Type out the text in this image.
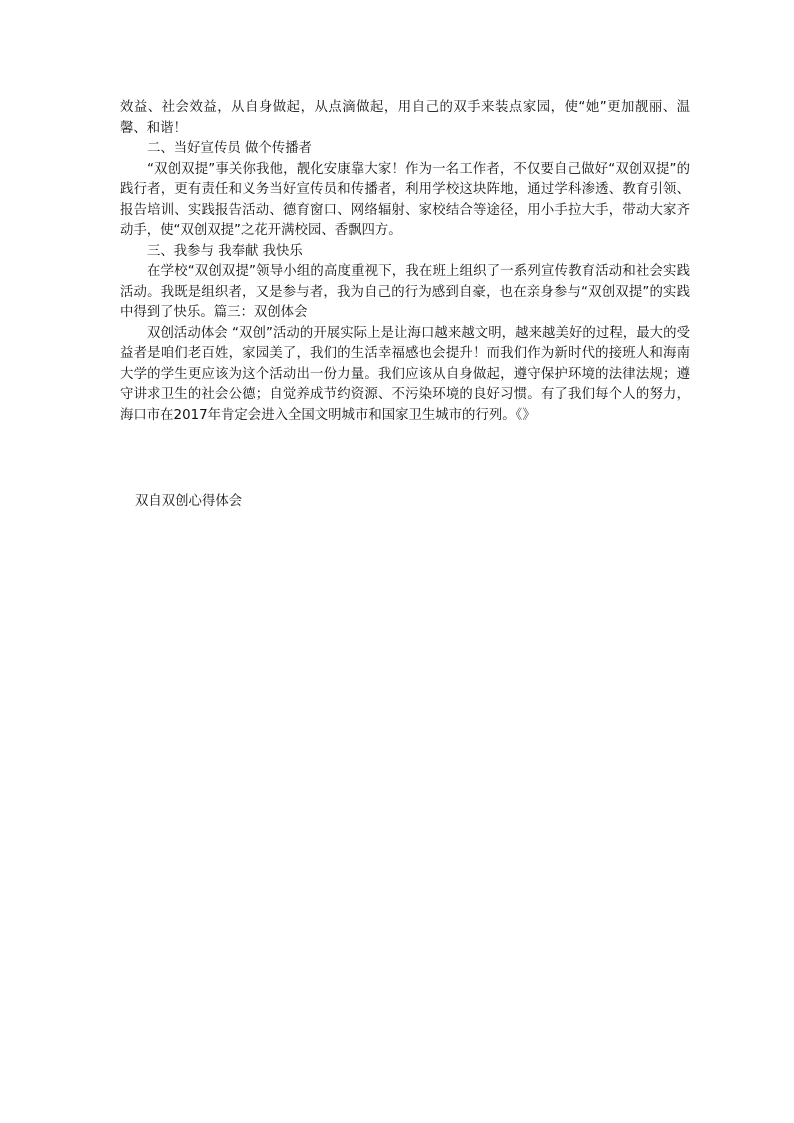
效益、社会效益，从自身做起，从点滴做起，用自己的双手来装点家园，使“她”更加靓丽、温馨、和谐！

二、当好宣传员 做个传播者

“双创双提”事关你我他，靓化安康靠大家！作为一名工作者，不仅要自己做好“双创双提”的践行者，更有责任和义务当好宣传员和传播者，利用学校这块阵地，通过学科渗透、教育引领、报告培训、实践报告活动、德育窗口、网络辐射、家校结合等途径，用小手拉大手，带动大家齐动手，使“双创双提”之花开满校园、香飘四方。

三、我参与 我奉献 我快乐

在学校“双创双提”领导小组的高度重视下，我在班上组织了一系列宣传教育活动和社会实践活动。我既是组织者，又是参与者，我为自己的行为感到自豪，也在亲身参与“双创双提”的实践中得到了快乐。篇三：双创体会

双创活动体会 “双创”活动的开展实际上是让海口越来越文明，越来越美好的过程，最大的受益者是咱们老百姓，家园美了，我们的生活幸福感也会提升！而我们作为新时代的接班人和海南大学的学生更应该为这个活动出一份力量。我们应该从自身做起，遵守保护环境的法律法规；遵守讲求卫生的社会公德；自觉养成节约资源、不污染环境的良好习惯。有了我们每个人的努力，海口市在2017年肯定会进入全国文明城市和国家卫生城市的行列。《》

双自双创心得体会
